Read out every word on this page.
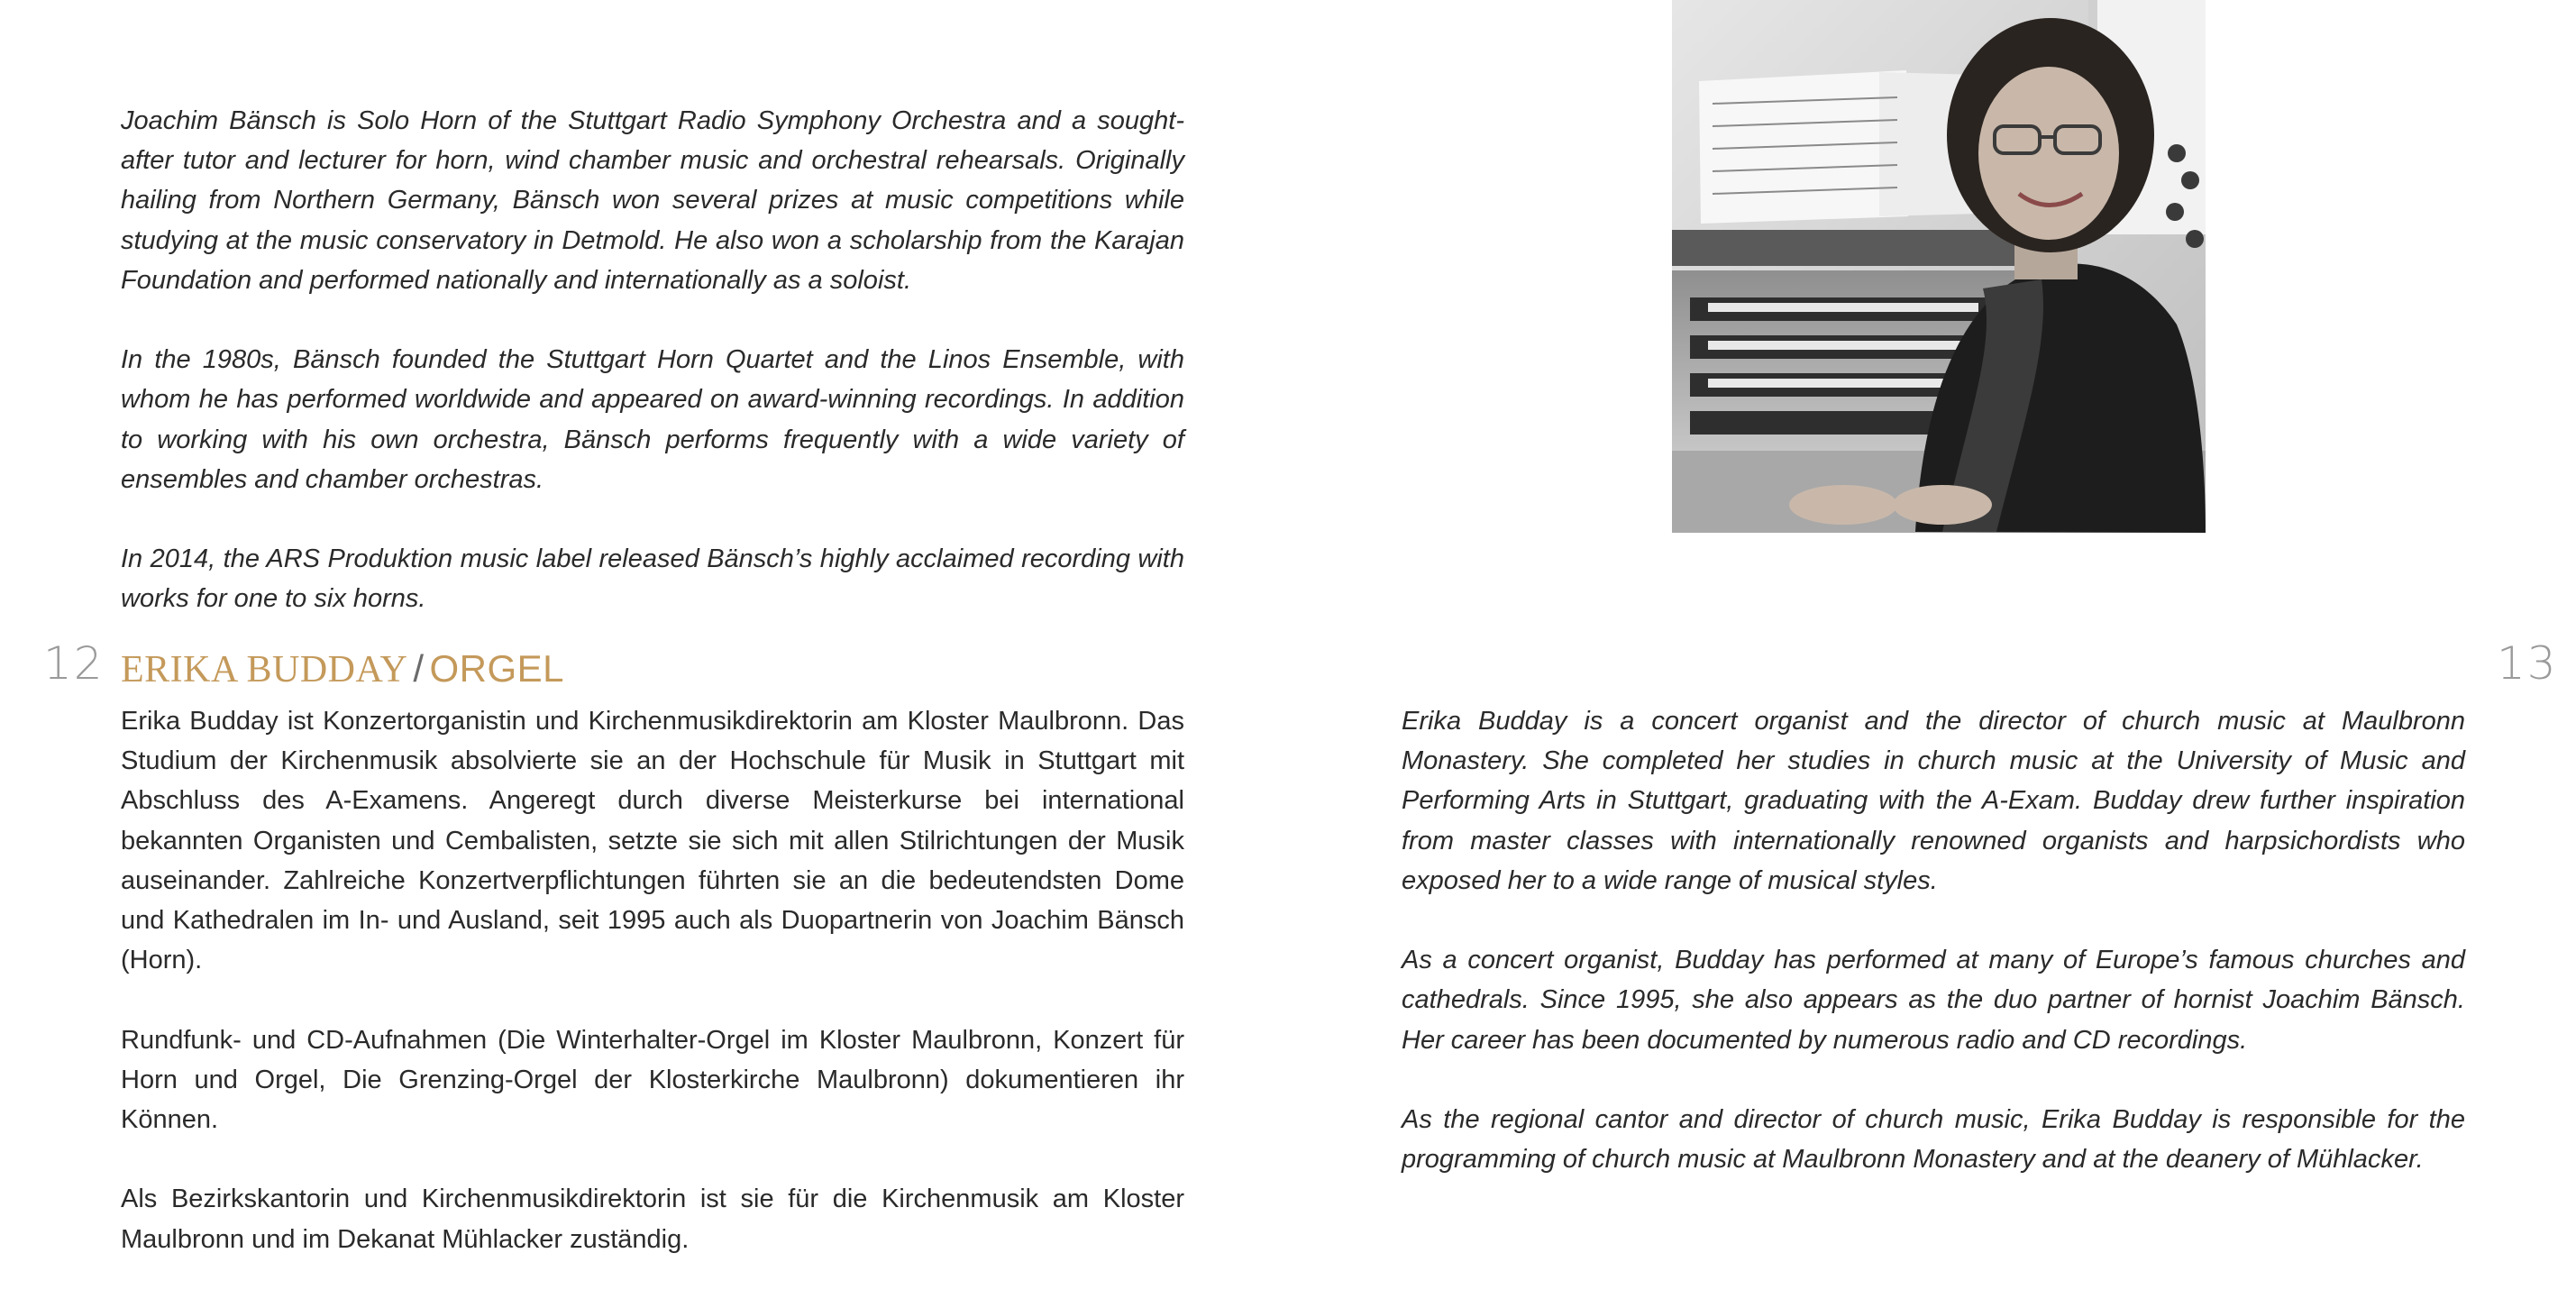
12	13

Joachim Bänsch is Solo Horn of the Stuttgart Radio Symphony Orchestra and a sought-after tutor and lecturer for horn, wind chamber music and orchestral rehearsals. Originally hailing from Northern Germany, Bänsch won several prizes at music competitions while studying at the music conservatory in Detmold. He also won a scholarship from the Karajan Foundation and performed nationally and internationally as a soloist.

In the 1980s, Bänsch founded the Stuttgart Horn Quartet and the Linos Ensemble, with whom he has performed worldwide and appeared on award-winning recordings. In addition to working with his own orchestra, Bänsch performs frequently with a wide variety of ensembles and chamber orchestras.

In 2014, the ARS Produktion music label released Bänsch’s highly acclaimed recording with works for one to six horns.

ERIKA BUDDAY / ORGEL

Erika Budday ist Konzertorganistin und Kirchenmusikdirektorin am Kloster Maulbronn. Das Studium der Kirchenmusik absolvierte sie an der Hochschule für Musik in Stuttgart mit Abschluss des A-Examens. Angeregt durch diverse Meisterkurse bei international bekannten Organisten und Cembalisten, setzte sie sich mit allen Stilrichtungen der Musik auseinander. Zahlreiche Konzertverpflichtungen führten sie an die bedeutendsten Dome und Kathedralen im In- und Ausland, seit 1995 auch als Duopartnerin von Joachim Bänsch (Horn).

Rundfunk- und CD-Aufnahmen (Die Winterhalter-Orgel im Kloster Maulbronn, Konzert für Horn und Orgel, Die Grenzing-Orgel der Klosterkirche Maulbronn) dokumentieren ihr Können.

Als Bezirkskantorin und Kirchenmusikdirektorin ist sie für die Kirchenmusik am Kloster Maulbronn und im Dekanat Mühlacker zuständig.

Erika Budday is a concert organist and the director of church music at Maulbronn Monastery. She completed her studies in church music at the University of Music and Performing Arts in Stuttgart, graduating with the A-Exam. Budday drew further inspiration from master classes with internationally renowned organists and harpsichordists who exposed her to a wide range of musical styles.

As a concert organist, Budday has performed at many of Europe’s famous churches and cathedrals. Since 1995, she also appears as the duo partner of hornist Joachim Bänsch. Her career has been documented by numerous radio and CD recordings.

As the regional cantor and director of church music, Erika Budday is responsible for the programming of church music at Maulbronn Monastery and at the deanery of Mühlacker.
